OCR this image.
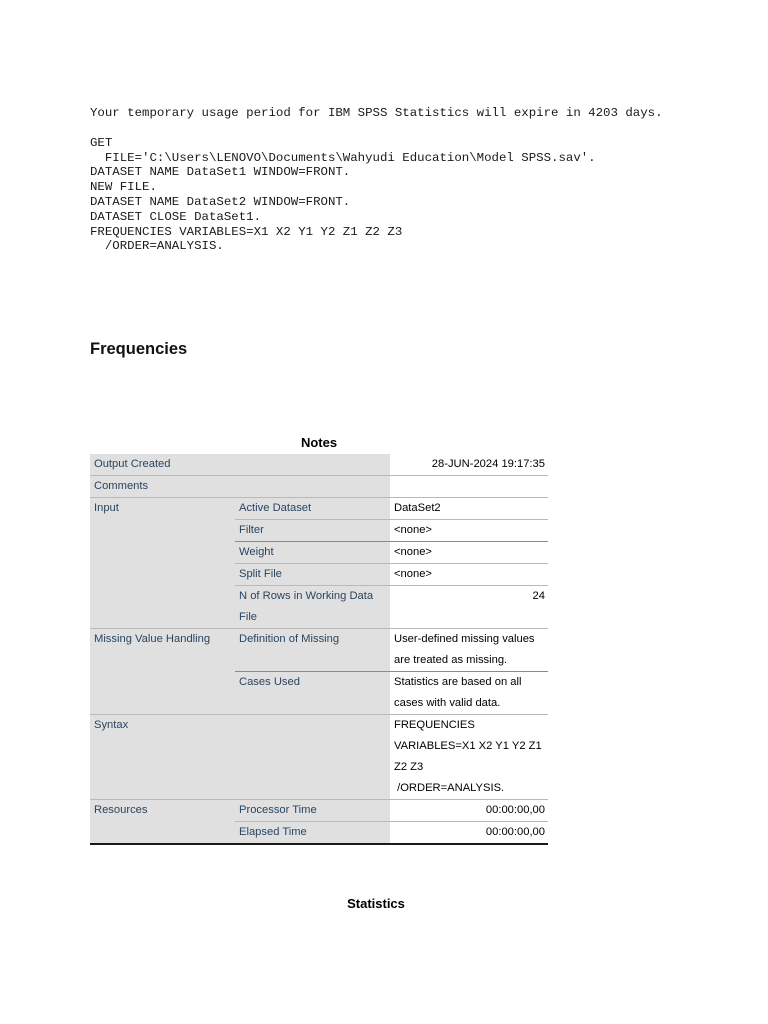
Your temporary usage period for IBM SPSS Statistics will expire in 4203 days.
GET
FILE='C:\Users\LENOVO\Documents\Wahyudi Education\Model SPSS.sav'.
DATASET NAME DataSet1 WINDOW=FRONT.
NEW FILE.
DATASET NAME DataSet2 WINDOW=FRONT.
DATASET CLOSE DataSet1.
FREQUENCIES VARIABLES=X1 X2 Y1 Y2 Z1 Z2 Z3
/ORDER=ANALYSIS.
Frequencies
Notes
Output Created		28-JUN-2024 19:17:35
Comments		
Input	Active Dataset	DataSet2
	Filter	<none>
	Weight	<none>
	Split File	<none>
	N of Rows in Working Data File	24
Missing Value Handling	Definition of Missing	User-defined missing values are treated as missing.
	Cases Used	Statistics are based on all cases with valid data.
Syntax		FREQUENCIES VARIABLES=X1 X2 Y1 Y2 Z1 Z2 Z3
/ORDER=ANALYSIS.

Resources	Processor Time	00:00:00,00
	Elapsed Time	00:00:00,00
Statistics
